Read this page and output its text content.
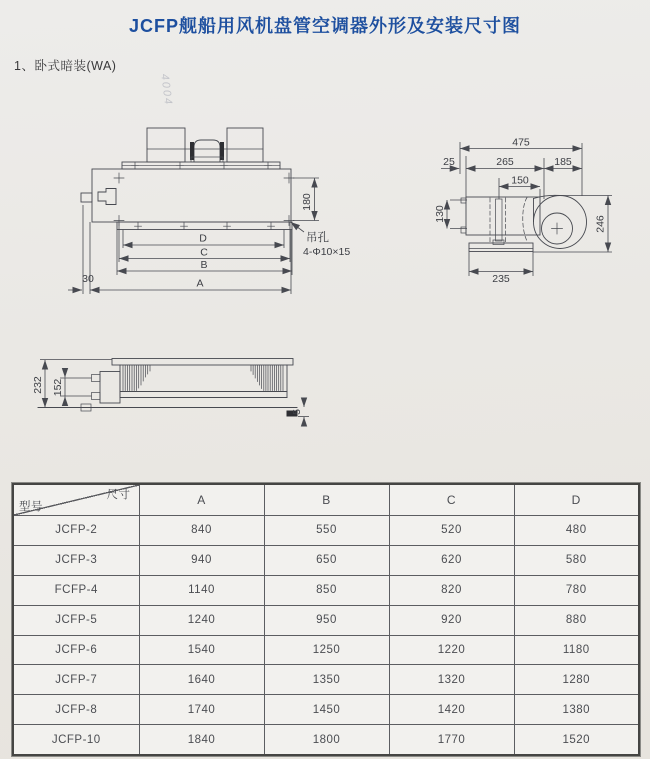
JCFP舰船用风机盘管空调器外形及安装尺寸图
1、卧式暗装(WA)
4004
D
C
B
A
30
180
吊孔
4-Φ10×15
475
25	265	185
150
130
246
235
232 152
5
尺寸
型号	A	B	C	D
JCFP-2	840	550	520	480
JCFP-3	940	650	620	580
FCFP-4	1140	850	820	780
JCFP-5	1240	950	920	880
JCFP-6	1540	1250	1220	1180
JCFP-7	1640	1350	1320	1280
JCFP-8	1740	1450	1420	1380
JCFP-10	1840	1800	1770	1520
